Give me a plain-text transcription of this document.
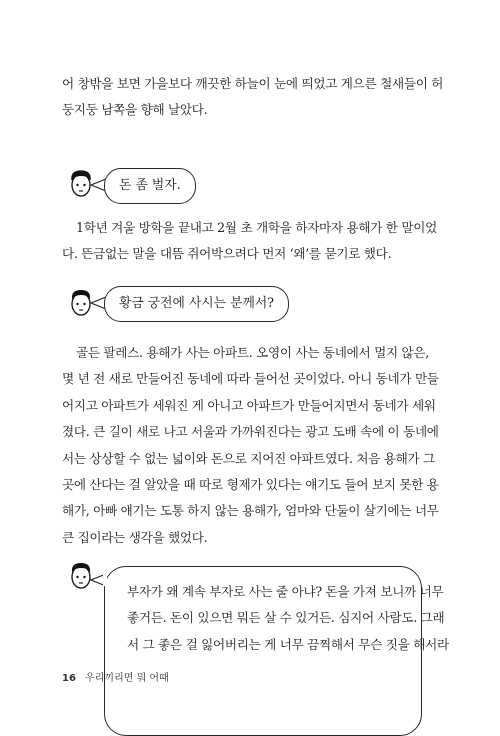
어 창밖을 보면 가을보다 깨끗한 하늘이 눈에 띄었고 게으른 철새들이 허
둥지둥 남쪽을 향해 날았다.

돈 좀 벌자.

1학년 겨울 방학을 끝내고 2월 초 개학을 하자마자 용해가 한 말이었
다. 뜬금없는 말을 대뜸 쥐어박으려다 먼저 ‘왜’를 묻기로 했다.

황금 궁전에 사시는 분께서?

골든 팔레스. 용해가 사는 아파트. 오영이 사는 동네에서 멀지 않은,
몇 년 전 새로 만들어진 동네에 따라 들어선 곳이었다. 아니 동네가 만들
어지고 아파트가 세워진 게 아니고 아파트가 만들어지면서 동네가 세워
졌다. 큰 길이 새로 나고 서울과 가까워진다는 광고 도배 속에 이 동네에
서는 상상할 수 없는 넓이와 돈으로 지어진 아파트였다. 처음 용해가 그
곳에 산다는 걸 알았을 때 따로 형제가 있다는 얘기도 들어 보지 못한 용
해가, 아빠 얘기는 도통 하지 않는 용해가, 엄마와 단둘이 살기에는 너무
큰 집이라는 생각을 했었다.

부자가 왜 계속 부자로 사는 줄 아냐? 돈을 가져 보니까 너무
좋거든. 돈이 있으면 뭐든 살 수 있거든. 심지어 사람도. 그래
서 그 좋은 걸 잃어버리는 게 너무 끔찍해서 무슨 짓을 해서라
16 우리끼리면 뭐 어때
